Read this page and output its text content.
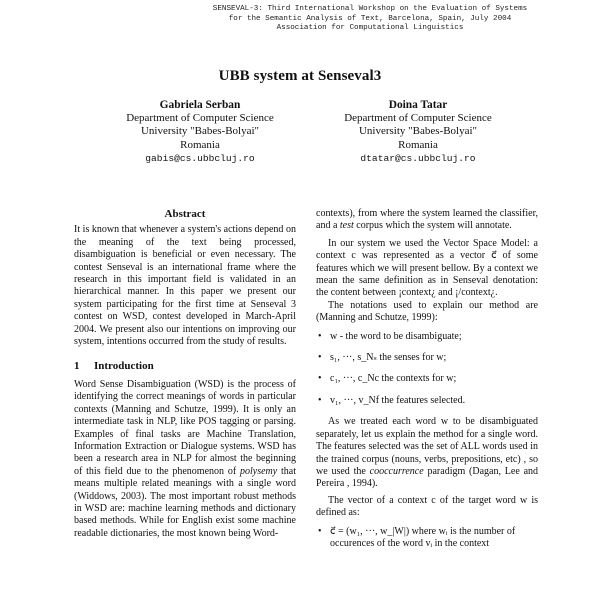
SENSEVAL-3: Third International Workshop on the Evaluation of Systems
for the Semantic Analysis of Text, Barcelona, Spain, July 2004
Association for Computational Linguistics
UBB system at Senseval3
Gabriela Serban
Department of Computer Science
University "Babes-Bolyai"
Romania
gabis@cs.ubbcluj.ro
Doina Tatar
Department of Computer Science
University "Babes-Bolyai"
Romania
dtatar@cs.ubbcluj.ro
Abstract

It is known that whenever a system's actions depend on the meaning of the text being processed, disambiguation is beneficial or even necessary. The contest Senseval is an international frame where the research in this important field is validated in an hierarchical manner. In this paper we present our system participating for the first time at Senseval 3 contest on WSD, contest developed in March-April 2004. We present also our intentions on improving our system, intentions occurred from the study of results.

1 Introduction

Word Sense Disambiguation (WSD) is the process of identifying the correct meanings of words in particular contexts (Manning and Schutze, 1999). It is only an intermediate task in NLP, like POS tagging or parsing. Examples of final tasks are Machine Translation, Information Extraction or Dialogue systems. WSD has been a research area in NLP for almost the beginning of this field due to the phenomenon of polysemy that means multiple related meanings with a single word (Widdows, 2003). The most important robust methods in WSD are: machine learning methods and dictionary based methods. While for English exist some machine readable dictionaries, the most known being Word-

contexts), from where the system learned the classifier, and a test corpus which the system will annotate.

In our system we used the Vector Space Model: a context c was represented as a vector c⃗ of some features which we will present bellow. By a context we mean the same definition as in Senseval denotation: the content between ¡context¿ and ¡/context¿.

The notations used to explain our method are (Manning and Schutze, 1999):

• w - the word to be disambiguate;
• s₁, ···, s_Nₛ the senses for w;
• c₁, ···, c_Nc the contexts for w;
• v₁, ···, v_Nf the features selected.

As we treated each word w to be disambiguated separately, let us explain the method for a single word. The features selected was the set of ALL words used in the trained corpus (nouns, verbs, prepositions, etc) , so we used the cooccurrence paradigm (Dagan, Lee and Pereira , 1994).

The vector of a context c of the target word w is defined as:

• c⃗ = (w₁, ···, w_|W|) where wᵢ is the number of occurences of the word vᵢ in the context
